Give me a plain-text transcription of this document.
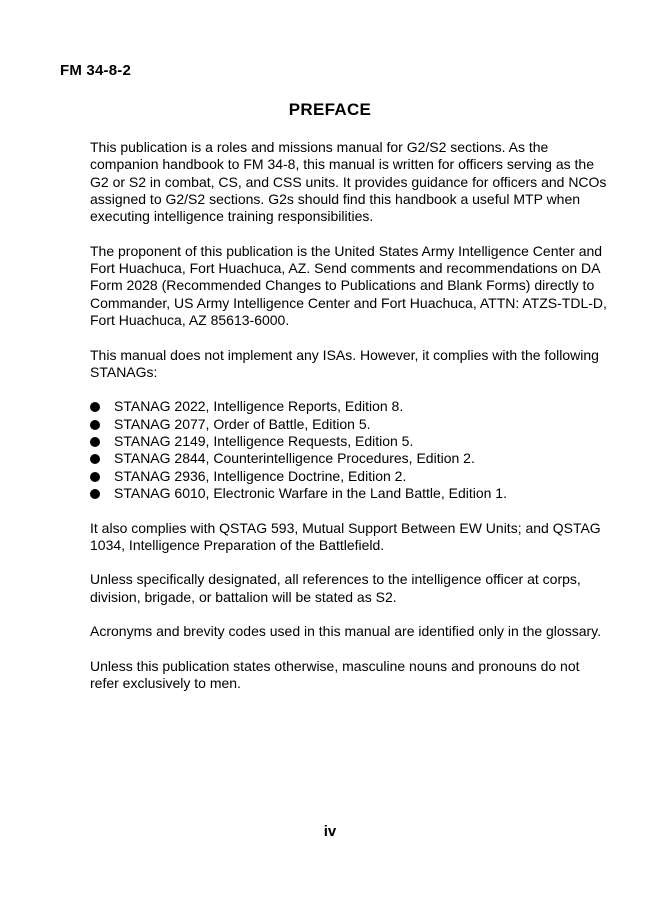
FM 34-8-2
PREFACE

This publication is a roles and missions manual for G2/S2 sections. As the companion handbook to FM 34-8, this manual is written for officers serving as the G2 or S2 in combat, CS, and CSS units. It provides guidance for officers and NCOs assigned to G2/S2 sections. G2s should find this handbook a useful MTP when executing intelligence training responsibilities.

The proponent of this publication is the United States Army Intelligence Center and Fort Huachuca, Fort Huachuca, AZ. Send comments and recommendations on DA Form 2028 (Recommended Changes to Publications and Blank Forms) directly to Commander, US Army Intelligence Center and Fort Huachuca, ATTN: ATZS-TDL-D, Fort Huachuca, AZ 85613-6000.

This manual does not implement any ISAs. However, it complies with the following STANAGs:

STANAG 2022, Intelligence Reports, Edition 8.
STANAG 2077, Order of Battle, Edition 5.
STANAG 2149, Intelligence Requests, Edition 5.
STANAG 2844, Counterintelligence Procedures, Edition 2.
STANAG 2936, Intelligence Doctrine, Edition 2.
STANAG 6010, Electronic Warfare in the Land Battle, Edition 1.

It also complies with QSTAG 593, Mutual Support Between EW Units; and QSTAG 1034, Intelligence Preparation of the Battlefield.

Unless specifically designated, all references to the intelligence officer at corps, division, brigade, or battalion will be stated as S2.

Acronyms and brevity codes used in this manual are identified only in the glossary.

Unless this publication states otherwise, masculine nouns and pronouns do not refer exclusively to men.

iv
